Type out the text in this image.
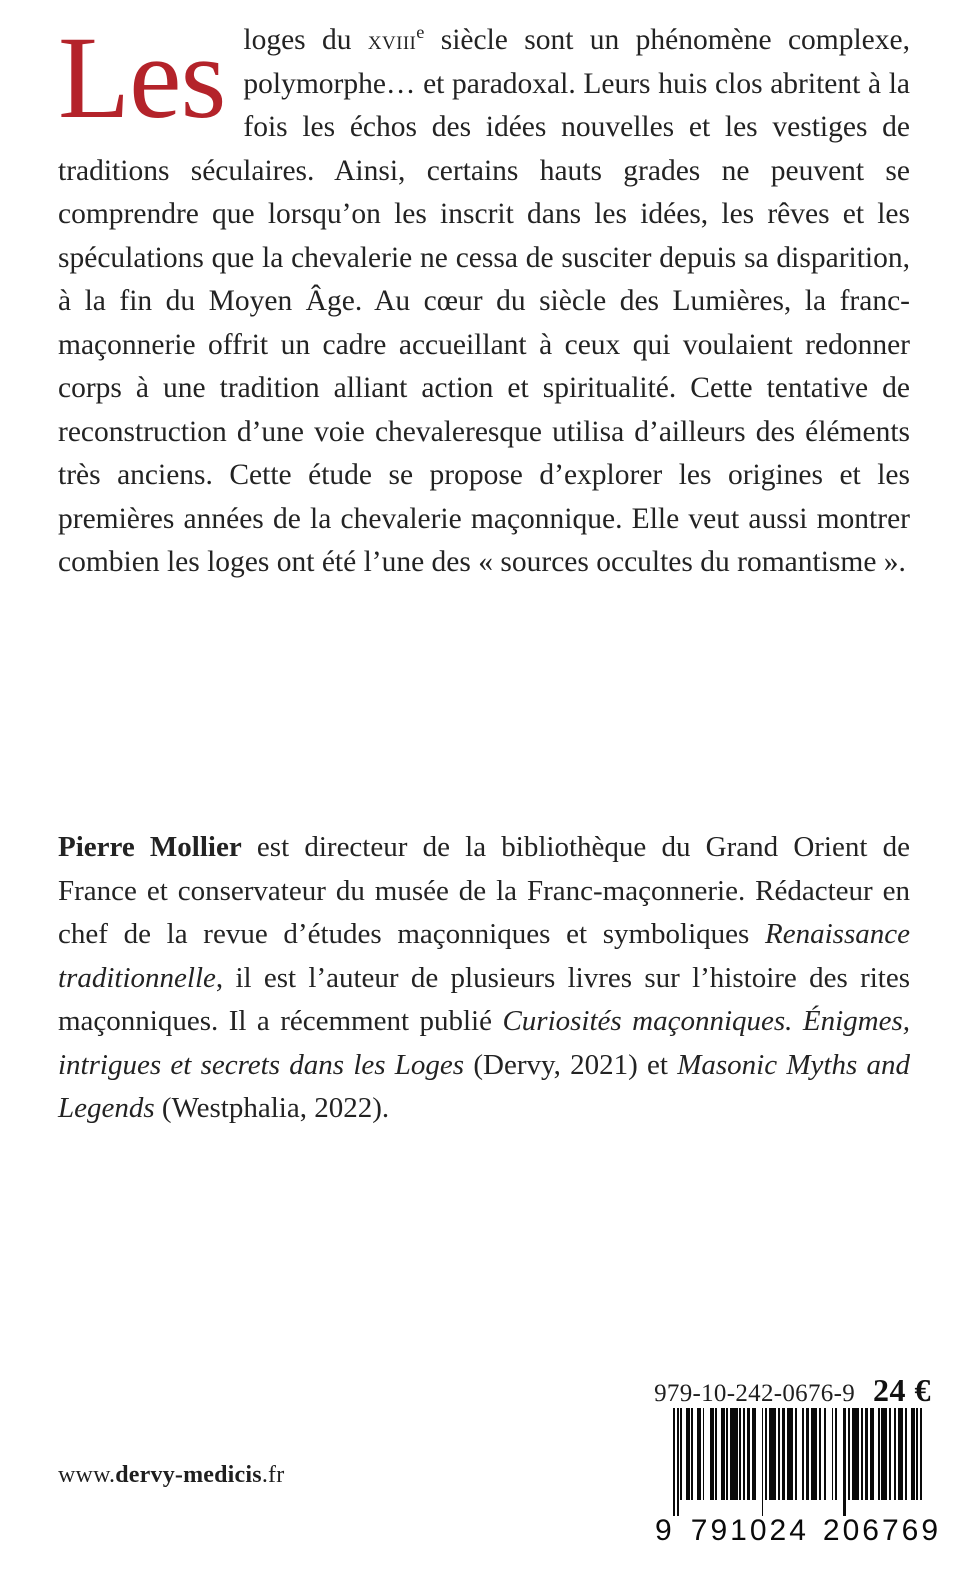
Les loges du xviii$^e$ siècle sont un phénomène complexe, polymorphe… et paradoxal. Leurs huis clos abritent à la fois les échos des idées nouvelles et les vestiges de traditions séculaires. Ainsi, certains hauts grades ne peuvent se comprendre que lorsqu’on les inscrit dans les idées, les rêves et les spéculations que la chevalerie ne cessa de susciter depuis sa disparition, à la fin du Moyen Âge. Au cœur du siècle des Lumières, la franc-maçonnerie offrit un cadre accueillant à ceux qui voulaient redonner corps à une tradition alliant action et spiritualité. Cette tentative de reconstruction d’une voie chevaleresque utilisa d’ailleurs des éléments très anciens. Cette étude se propose d’explorer les origines et les premières années de la chevalerie maçonnique. Elle veut aussi montrer combien les loges ont été l’une des « sources occultes du romantisme ».

Pierre Mollier est directeur de la bibliothèque du Grand Orient de France et conservateur du musée de la Franc-maçonnerie. Rédacteur en chef de la revue d’études maçonniques et symboliques Renaissance traditionnelle, il est l’auteur de plusieurs livres sur l’histoire des rites maçonniques. Il a récemment publié Curiosités maçonniques. Énigmes, intrigues et secrets dans les Loges (Dervy, 2021) et Masonic Myths and Legends (Westphalia, 2022).

www.dervy-medicis.fr
979-10-242-0676-9 24 €
9 791024 206769
